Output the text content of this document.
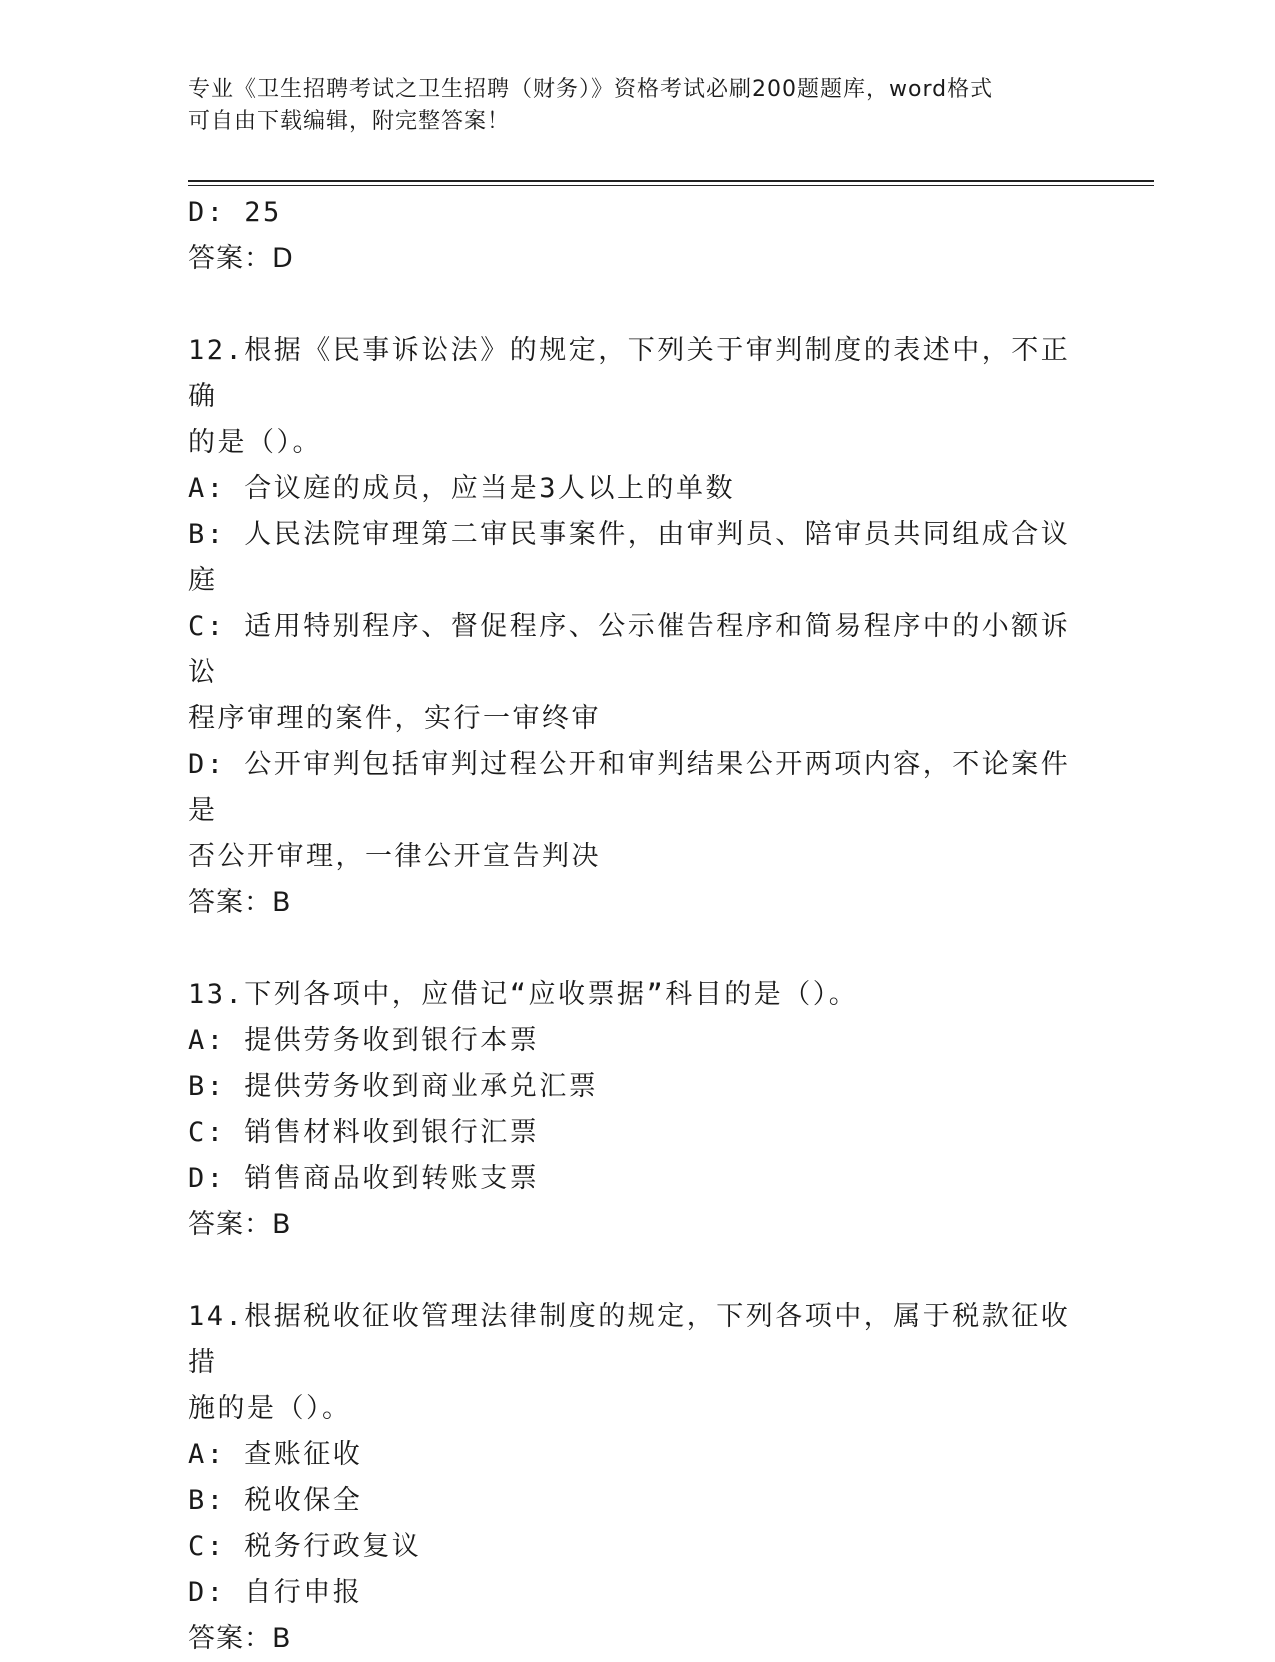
专业《卫生招聘考试之卫生招聘（财务）》资格考试必刷200题题库，word格式
可自由下载编辑，附完整答案！

D: 25

答案：D

12.根据《民事诉讼法》的规定，下列关于审判制度的表述中，不正确

的是（）。

A: 合议庭的成员，应当是3人以上的单数

B: 人民法院审理第二审民事案件，由审判员、陪审员共同组成合议庭

C: 适用特别程序、督促程序、公示催告程序和简易程序中的小额诉讼

程序审理的案件，实行一审终审

D: 公开审判包括审判过程公开和审判结果公开两项内容，不论案件是

否公开审理，一律公开宣告判决

答案：B

13.下列各项中，应借记“应收票据”科目的是（）。

A: 提供劳务收到银行本票

B: 提供劳务收到商业承兑汇票

C: 销售材料收到银行汇票

D: 销售商品收到转账支票

答案：B

14.根据税收征收管理法律制度的规定，下列各项中，属于税款征收措

施的是（）。

A: 查账征收

B: 税收保全

C: 税务行政复议

D: 自行申报

答案：B
